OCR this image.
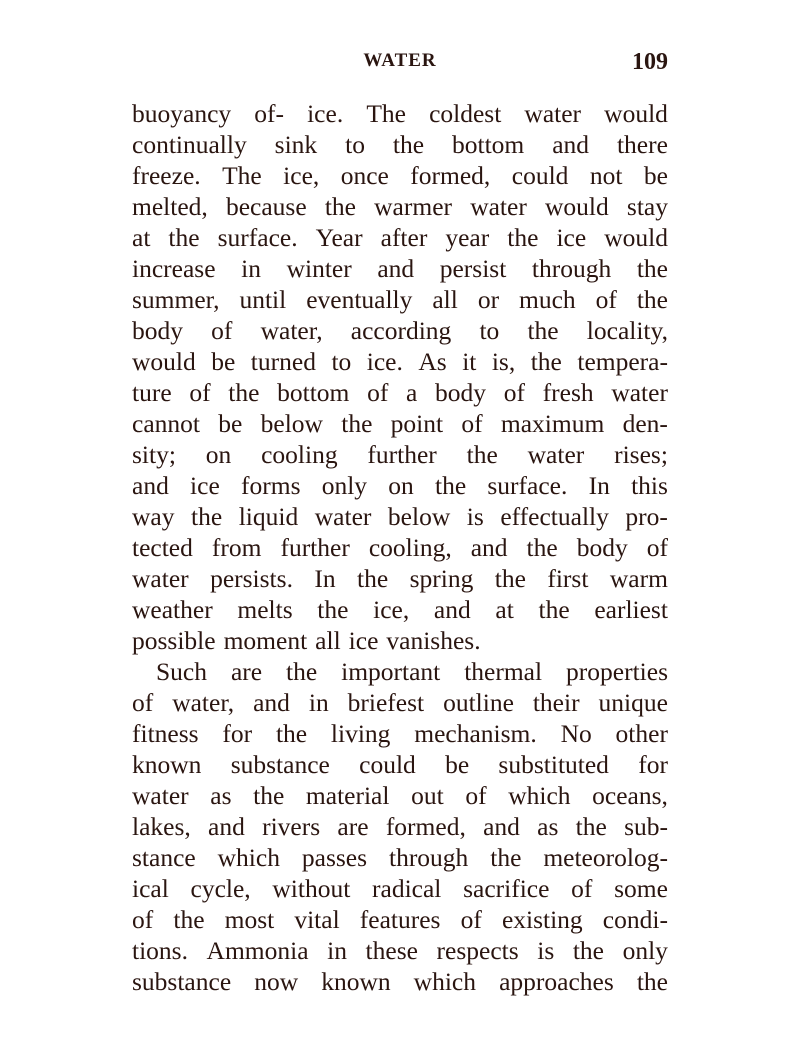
WATER	109
buoyancy of- ice. The coldest water would
continually sink to the bottom and there
freeze. The ice, once formed, could not be
melted, because the warmer water would stay
at the surface. Year after year the ice would
increase in winter and persist through the
summer, until eventually all or much of the
body of water, according to the locality,
would be turned to ice. As it is, the tempera-
ture of the bottom of a body of fresh water
cannot be below the point of maximum den-
sity; on cooling further the water rises;
and ice forms only on the surface. In this
way the liquid water below is effectually pro-
tected from further cooling, and the body of
water persists. In the spring the first warm
weather melts the ice, and at the earliest
possible moment all ice vanishes.
Such are the important thermal properties
of water, and in briefest outline their unique
fitness for the living mechanism. No other
known substance could be substituted for
water as the material out of which oceans,
lakes, and rivers are formed, and as the sub-
stance which passes through the meteorolog-
ical cycle, without radical sacrifice of some
of the most vital features of existing condi-
tions. Ammonia in these respects is the only
substance now known which approaches the
